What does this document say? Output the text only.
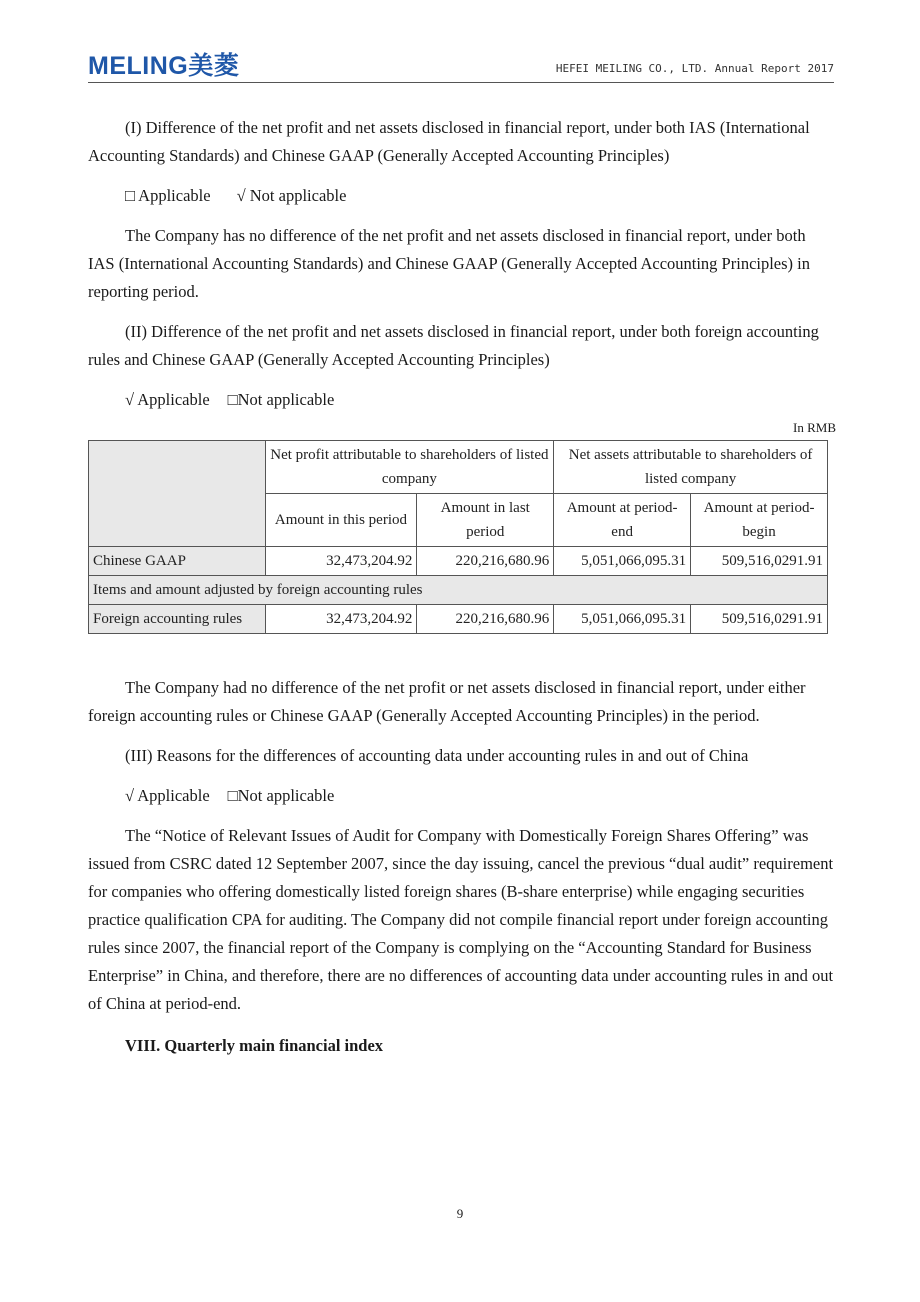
MELING美菱	HEFEI MEILING CO., LTD. Annual Report 2017

(I) Difference of the net profit and net assets disclosed in financial report, under both IAS (International Accounting Standards) and Chinese GAAP (Generally Accepted Accounting Principles)

□ Applicable √ Not applicable

The Company has no difference of the net profit and net assets disclosed in financial report, under both IAS (International Accounting Standards) and Chinese GAAP (Generally Accepted Accounting Principles) in reporting period.

(II) Difference of the net profit and net assets disclosed in financial report, under both foreign accounting rules and Chinese GAAP (Generally Accepted Accounting Principles)

√ Applicable □Not applicable
In RMB
	Net profit attributable to shareholders of listed company		Net assets attributable to shareholders of listed company	
	Amount in this period	Amount in last period	Amount at period-end	Amount at period-begin
Chinese GAAP	32,473,204.92	220,216,680.96	5,051,066,095.31	509,516,0291.91
Items and amount adjusted by foreign accounting rules				
Foreign accounting rules	32,473,204.92	220,216,680.96	5,051,066,095.31	509,516,0291.91

The Company had no difference of the net profit or net assets disclosed in financial report, under either foreign accounting rules or Chinese GAAP (Generally Accepted Accounting Principles) in the period.

(III) Reasons for the differences of accounting data under accounting rules in and out of China

√ Applicable □Not applicable

The “Notice of Relevant Issues of Audit for Company with Domestically Foreign Shares Offering” was issued from CSRC dated 12 September 2007, since the day issuing, cancel the previous “dual audit” requirement for companies who offering domestically listed foreign shares (B-share enterprise) while engaging securities practice qualification CPA for auditing. The Company did not compile financial report under foreign accounting rules since 2007, the financial report of the Company is complying on the “Accounting Standard for Business Enterprise” in China, and therefore, there are no differences of accounting data under accounting rules in and out of China at period-end.

VIII. Quarterly main financial index
9
